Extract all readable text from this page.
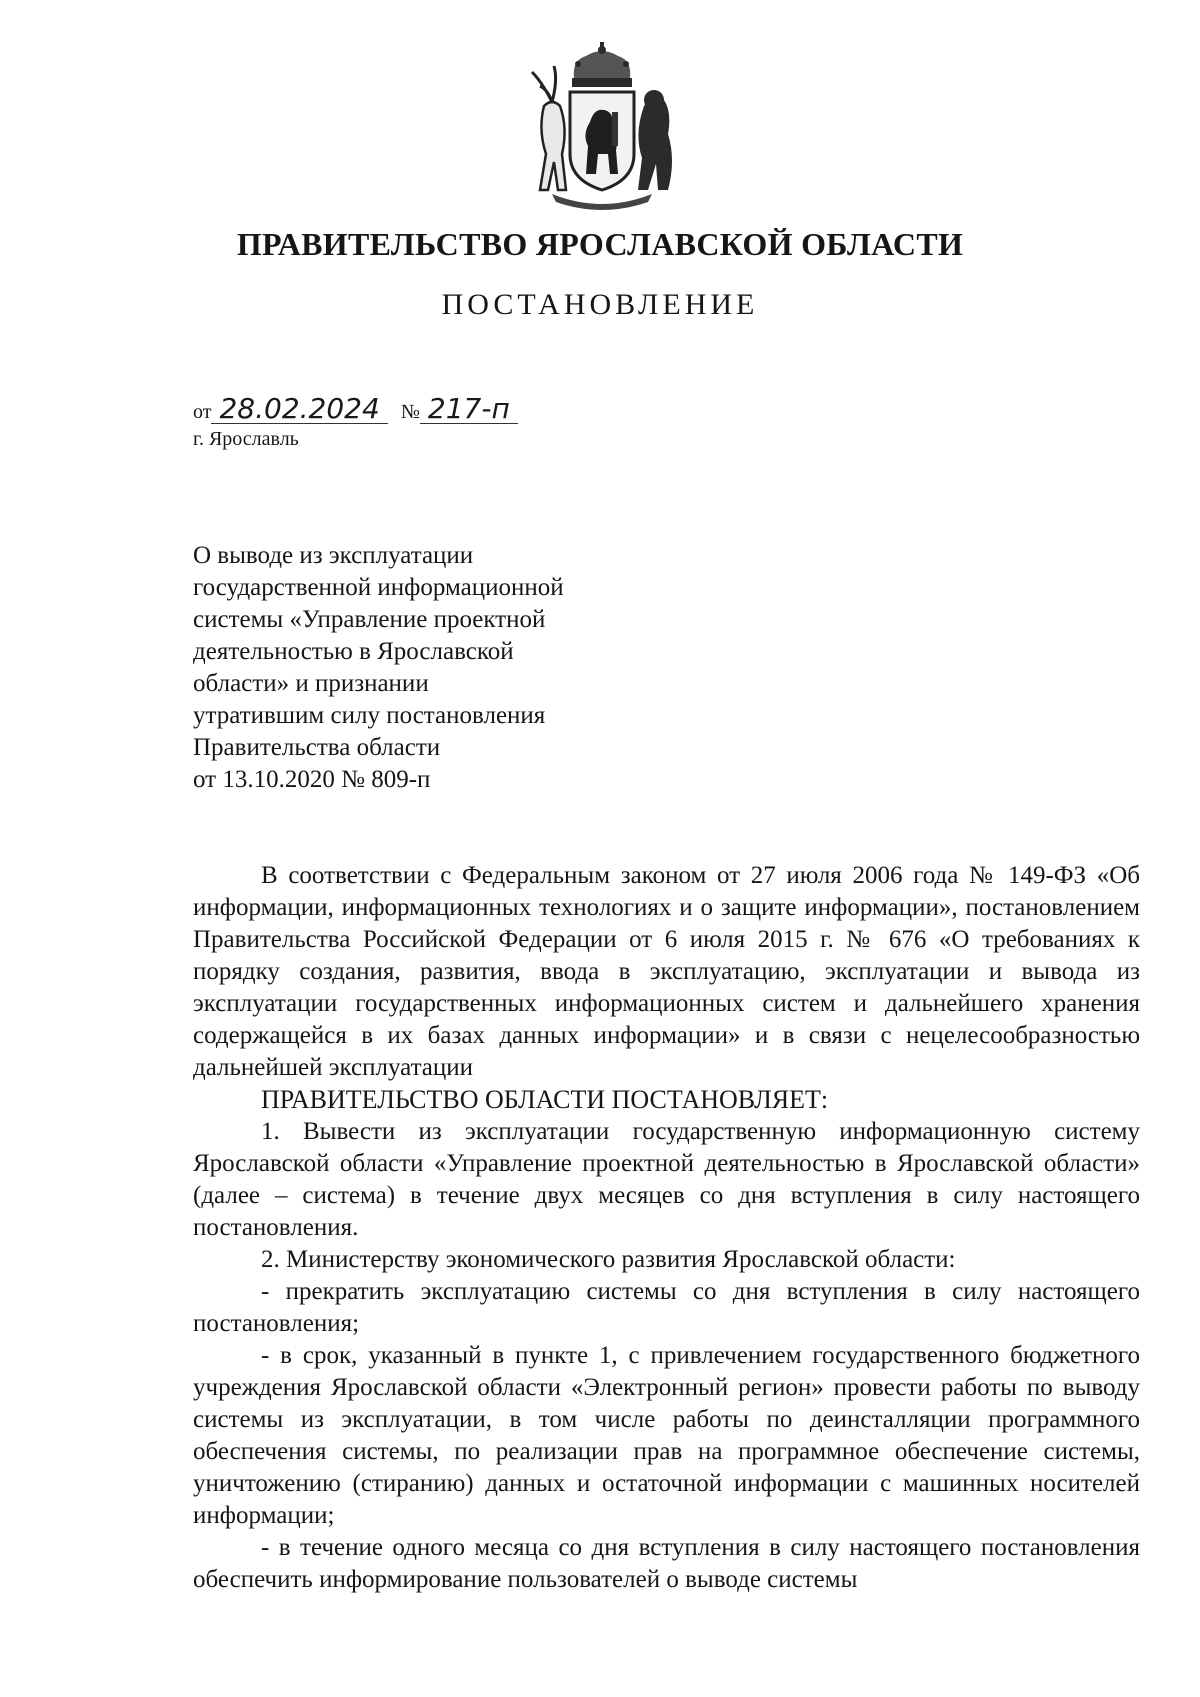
ПРАВИТЕЛЬСТВО ЯРОСЛАВСКОЙ ОБЛАСТИ
ПОСТАНОВЛЕНИЕ
от 28.02.2024 № 217-п
г. Ярославль
О выводе из эксплуатации
государственной информационной
системы «Управление проектной
деятельностью в Ярославской
области» и признании
утратившим силу постановления
Правительства области
от 13.10.2020 № 809-п

В соответствии с Федеральным законом от 27 июля 2006 года № 149-ФЗ «Об информации, информационных технологиях и о защите информации», постановлением Правительства Российской Федерации от 6 июля 2015 г. № 676 «О требованиях к порядку создания, развития, ввода в эксплуатацию, эксплуатации и вывода из эксплуатации государственных информационных систем и дальнейшего хранения содержащейся в их базах данных информации» и в связи с нецелесообразностью дальнейшей эксплуатации

ПРАВИТЕЛЬСТВО ОБЛАСТИ ПОСТАНОВЛЯЕТ:

1. Вывести из эксплуатации государственную информационную систему Ярославской области «Управление проектной деятельностью в Ярославской области» (далее – система) в течение двух месяцев со дня вступления в силу настоящего постановления.

2. Министерству экономического развития Ярославской области:

- прекратить эксплуатацию системы со дня вступления в силу настоящего постановления;

- в срок, указанный в пункте 1, с привлечением государственного бюджетного учреждения Ярославской области «Электронный регион» провести работы по выводу системы из эксплуатации, в том числе работы по деинсталляции программного обеспечения системы, по реализации прав на программное обеспечение системы, уничтожению (стиранию) данных и остаточной информации с машинных носителей информации;

- в течение одного месяца со дня вступления в силу настоящего постановления обеспечить информирование пользователей о выводе системы
